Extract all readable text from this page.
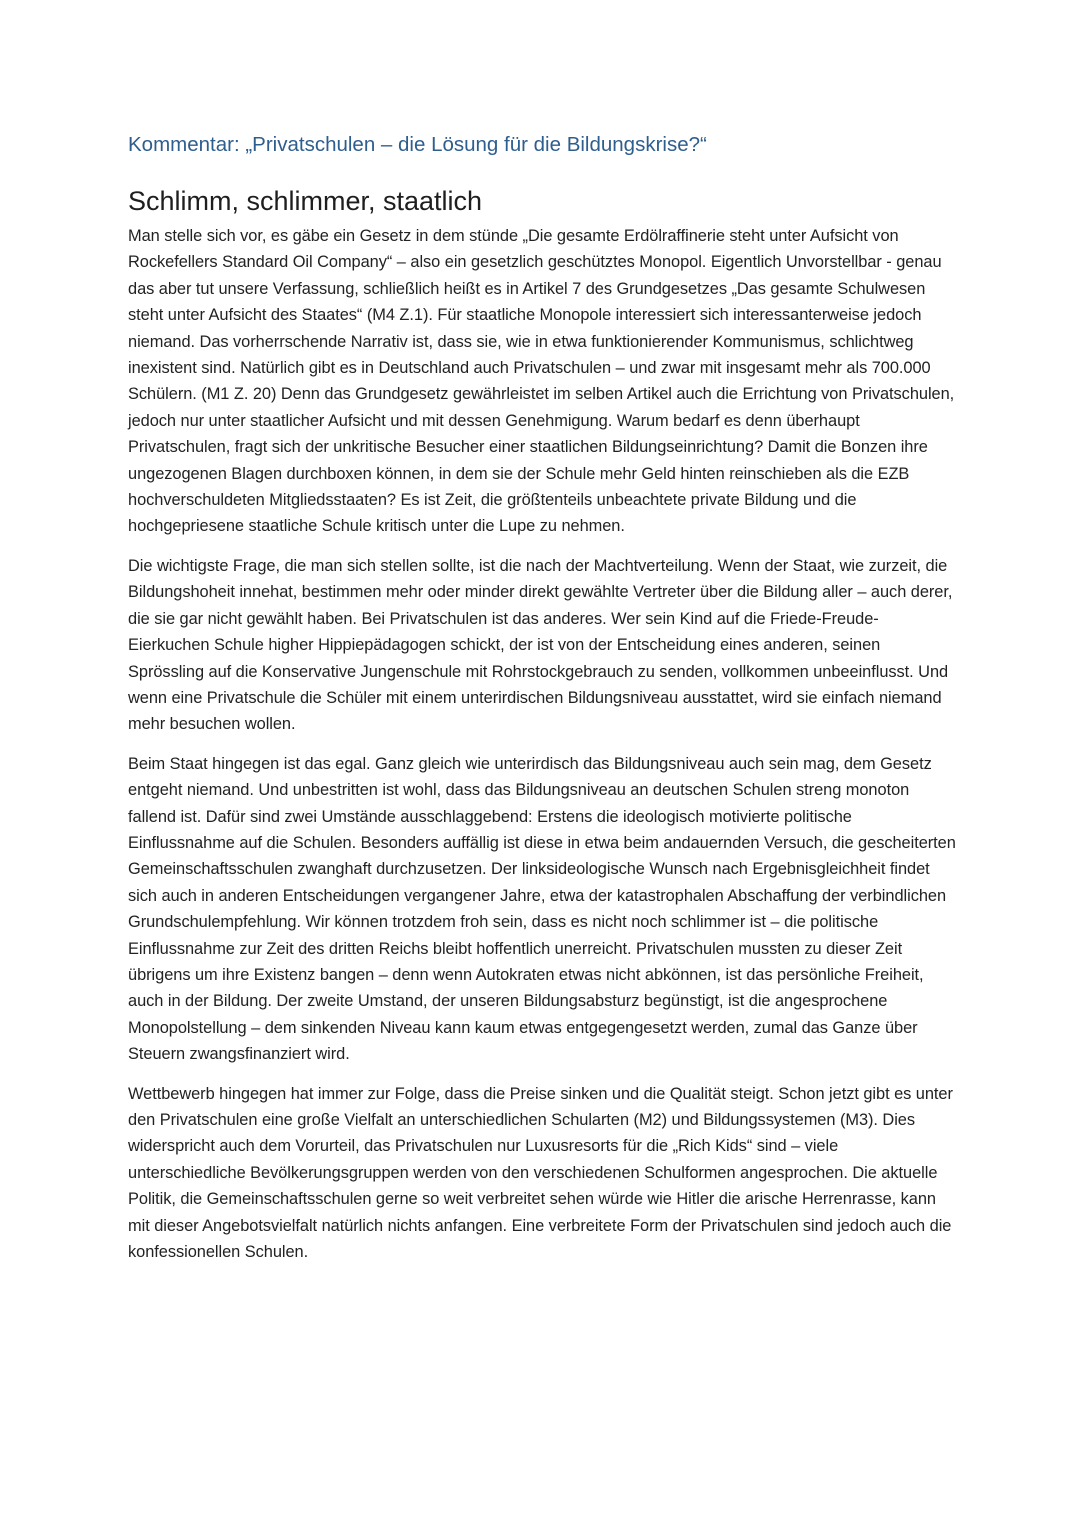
Kommentar: „Privatschulen – die Lösung für die Bildungskrise?“
Schlimm, schlimmer, staatlich

Man stelle sich vor, es gäbe ein Gesetz in dem stünde „Die gesamte Erdölraffinerie steht unter Aufsicht von Rockefellers Standard Oil Company“ – also ein gesetzlich geschütztes Monopol. Eigentlich Unvorstellbar - genau das aber tut unsere Verfassung, schließlich heißt es in Artikel 7 des Grundgesetzes „Das gesamte Schulwesen steht unter Aufsicht des Staates“ (M4 Z.1). Für staatliche Monopole interessiert sich interessanterweise jedoch niemand. Das vorherrschende Narrativ ist, dass sie, wie in etwa funktionierender Kommunismus, schlichtweg inexistent sind. Natürlich gibt es in Deutschland auch Privatschulen – und zwar mit insgesamt mehr als 700.000 Schülern. (M1 Z. 20) Denn das Grundgesetz gewährleistet im selben Artikel auch die Errichtung von Privatschulen, jedoch nur unter staatlicher Aufsicht und mit dessen Genehmigung. Warum bedarf es denn überhaupt Privatschulen, fragt sich der unkritische Besucher einer staatlichen Bildungseinrichtung? Damit die Bonzen ihre ungezogenen Blagen durchboxen können, in dem sie der Schule mehr Geld hinten reinschieben als die EZB hochverschuldeten Mitgliedsstaaten? Es ist Zeit, die größtenteils unbeachtete private Bildung und die hochgepriesene staatliche Schule kritisch unter die Lupe zu nehmen.

Die wichtigste Frage, die man sich stellen sollte, ist die nach der Machtverteilung. Wenn der Staat, wie zurzeit, die Bildungshoheit innehat, bestimmen mehr oder minder direkt gewählte Vertreter über die Bildung aller – auch derer, die sie gar nicht gewählt haben. Bei Privatschulen ist das anderes. Wer sein Kind auf die Friede-Freude-Eierkuchen Schule higher Hippiepädagogen schickt, der ist von der Entscheidung eines anderen, seinen Sprössling auf die Konservative Jungenschule mit Rohrstockgebrauch zu senden, vollkommen unbeeinflusst. Und wenn eine Privatschule die Schüler mit einem unterirdischen Bildungsniveau ausstattet, wird sie einfach niemand mehr besuchen wollen.

Beim Staat hingegen ist das egal. Ganz gleich wie unterirdisch das Bildungsniveau auch sein mag, dem Gesetz entgeht niemand. Und unbestritten ist wohl, dass das Bildungsniveau an deutschen Schulen streng monoton fallend ist. Dafür sind zwei Umstände ausschlaggebend: Erstens die ideologisch motivierte politische Einflussnahme auf die Schulen. Besonders auffällig ist diese in etwa beim andauernden Versuch, die gescheiterten Gemeinschaftsschulen zwanghaft durchzusetzen. Der linksideologische Wunsch nach Ergebnisgleichheit findet sich auch in anderen Entscheidungen vergangener Jahre, etwa der katastrophalen Abschaffung der verbindlichen Grundschulempfehlung. Wir können trotzdem froh sein, dass es nicht noch schlimmer ist – die politische Einflussnahme zur Zeit des dritten Reichs bleibt hoffentlich unerreicht. Privatschulen mussten zu dieser Zeit übrigens um ihre Existenz bangen – denn wenn Autokraten etwas nicht abkönnen, ist das persönliche Freiheit, auch in der Bildung. Der zweite Umstand, der unseren Bildungsabsturz begünstigt, ist die angesprochene Monopolstellung – dem sinkenden Niveau kann kaum etwas entgegengesetzt werden, zumal das Ganze über Steuern zwangsfinanziert wird.

Wettbewerb hingegen hat immer zur Folge, dass die Preise sinken und die Qualität steigt. Schon jetzt gibt es unter den Privatschulen eine große Vielfalt an unterschiedlichen Schularten (M2) und Bildungssystemen (M3). Dies widerspricht auch dem Vorurteil, das Privatschulen nur Luxusresorts für die „Rich Kids“ sind – viele unterschiedliche Bevölkerungsgruppen werden von den verschiedenen Schulformen angesprochen. Die aktuelle Politik, die Gemeinschaftsschulen gerne so weit verbreitet sehen würde wie Hitler die arische Herrenrasse, kann mit dieser Angebotsvielfalt natürlich nichts anfangen. Eine verbreitete Form der Privatschulen sind jedoch auch die konfessionellen Schulen.
